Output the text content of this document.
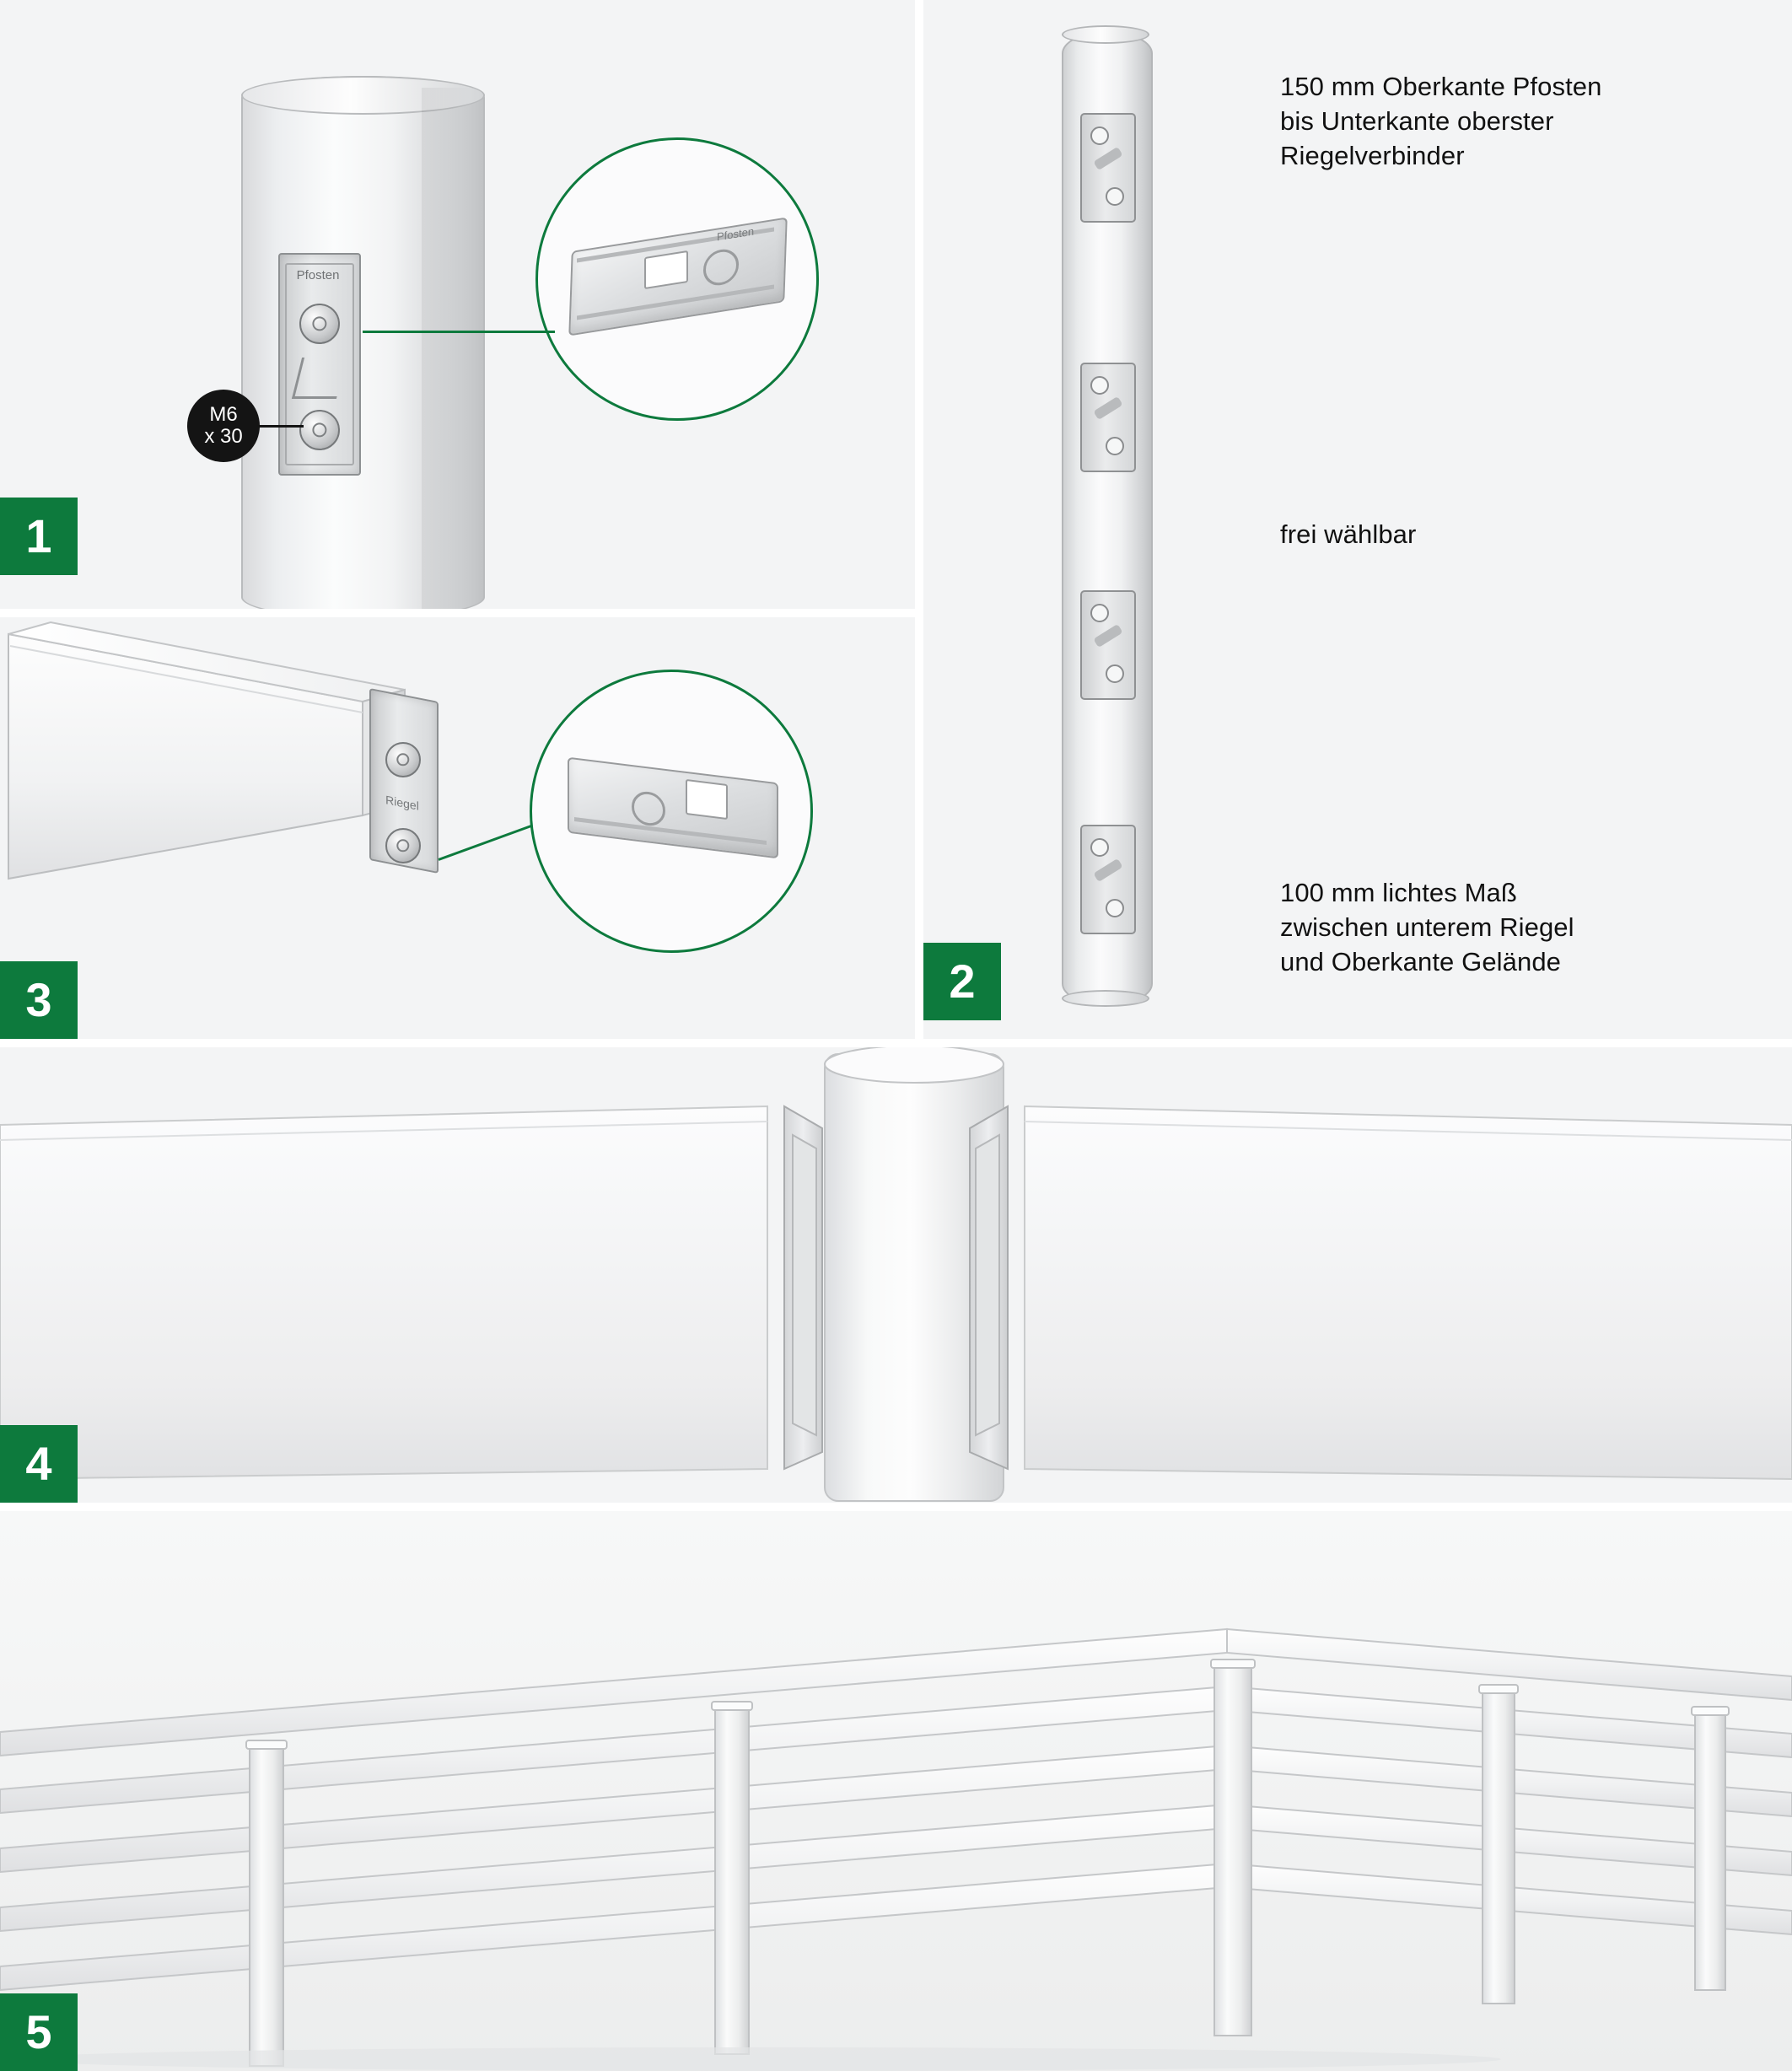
Pfosten
Pfosten
M6
x 30
1
Riegel
3	2
150 mm Oberkante Pfosten
bis Unterkante oberster
Riegelverbinder
frei wählbar
100 mm lichtes Maß
zwischen unterem Riegel
und Oberkante Gelände
4
5
